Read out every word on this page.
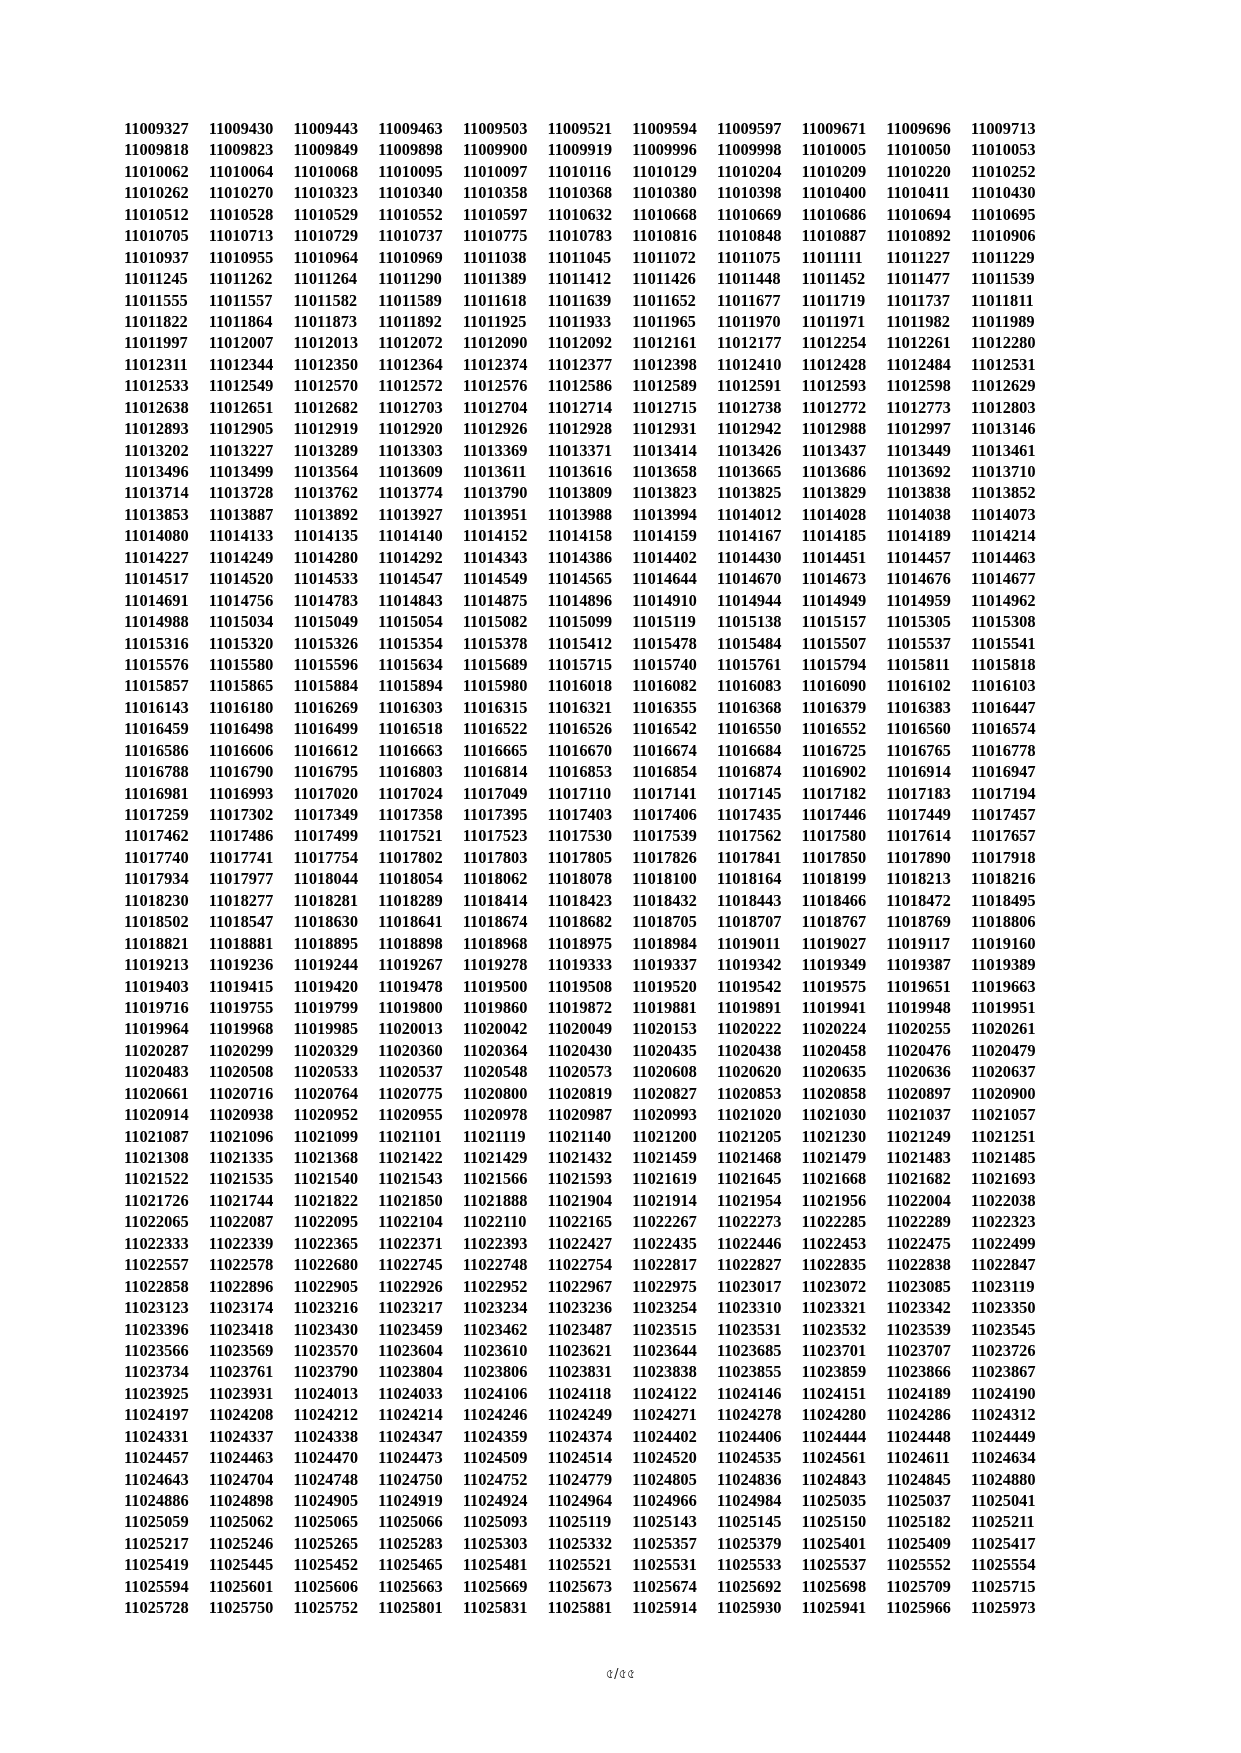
11009327	11009430	11009443	11009463	11009503	11009521	11009594	11009597	11009671	11009696	11009713
11009818	11009823	11009849	11009898	11009900	11009919	11009996	11009998	11010005	11010050	11010053
11010062	11010064	11010068	11010095	11010097	11010116	11010129	11010204	11010209	11010220	11010252
11010262	11010270	11010323	11010340	11010358	11010368	11010380	11010398	11010400	11010411	11010430
11010512	11010528	11010529	11010552	11010597	11010632	11010668	11010669	11010686	11010694	11010695
11010705	11010713	11010729	11010737	11010775	11010783	11010816	11010848	11010887	11010892	11010906
11010937	11010955	11010964	11010969	11011038	11011045	11011072	11011075	11011111	11011227	11011229
11011245	11011262	11011264	11011290	11011389	11011412	11011426	11011448	11011452	11011477	11011539
11011555	11011557	11011582	11011589	11011618	11011639	11011652	11011677	11011719	11011737	11011811
11011822	11011864	11011873	11011892	11011925	11011933	11011965	11011970	11011971	11011982	11011989
11011997	11012007	11012013	11012072	11012090	11012092	11012161	11012177	11012254	11012261	11012280
11012311	11012344	11012350	11012364	11012374	11012377	11012398	11012410	11012428	11012484	11012531
11012533	11012549	11012570	11012572	11012576	11012586	11012589	11012591	11012593	11012598	11012629
11012638	11012651	11012682	11012703	11012704	11012714	11012715	11012738	11012772	11012773	11012803
11012893	11012905	11012919	11012920	11012926	11012928	11012931	11012942	11012988	11012997	11013146
11013202	11013227	11013289	11013303	11013369	11013371	11013414	11013426	11013437	11013449	11013461
11013496	11013499	11013564	11013609	11013611	11013616	11013658	11013665	11013686	11013692	11013710
11013714	11013728	11013762	11013774	11013790	11013809	11013823	11013825	11013829	11013838	11013852
11013853	11013887	11013892	11013927	11013951	11013988	11013994	11014012	11014028	11014038	11014073
11014080	11014133	11014135	11014140	11014152	11014158	11014159	11014167	11014185	11014189	11014214
11014227	11014249	11014280	11014292	11014343	11014386	11014402	11014430	11014451	11014457	11014463
11014517	11014520	11014533	11014547	11014549	11014565	11014644	11014670	11014673	11014676	11014677
11014691	11014756	11014783	11014843	11014875	11014896	11014910	11014944	11014949	11014959	11014962
11014988	11015034	11015049	11015054	11015082	11015099	11015119	11015138	11015157	11015305	11015308
11015316	11015320	11015326	11015354	11015378	11015412	11015478	11015484	11015507	11015537	11015541
11015576	11015580	11015596	11015634	11015689	11015715	11015740	11015761	11015794	11015811	11015818
11015857	11015865	11015884	11015894	11015980	11016018	11016082	11016083	11016090	11016102	11016103
11016143	11016180	11016269	11016303	11016315	11016321	11016355	11016368	11016379	11016383	11016447
11016459	11016498	11016499	11016518	11016522	11016526	11016542	11016550	11016552	11016560	11016574
11016586	11016606	11016612	11016663	11016665	11016670	11016674	11016684	11016725	11016765	11016778
11016788	11016790	11016795	11016803	11016814	11016853	11016854	11016874	11016902	11016914	11016947
11016981	11016993	11017020	11017024	11017049	11017110	11017141	11017145	11017182	11017183	11017194
11017259	11017302	11017349	11017358	11017395	11017403	11017406	11017435	11017446	11017449	11017457
11017462	11017486	11017499	11017521	11017523	11017530	11017539	11017562	11017580	11017614	11017657
11017740	11017741	11017754	11017802	11017803	11017805	11017826	11017841	11017850	11017890	11017918
11017934	11017977	11018044	11018054	11018062	11018078	11018100	11018164	11018199	11018213	11018216
11018230	11018277	11018281	11018289	11018414	11018423	11018432	11018443	11018466	11018472	11018495
11018502	11018547	11018630	11018641	11018674	11018682	11018705	11018707	11018767	11018769	11018806
11018821	11018881	11018895	11018898	11018968	11018975	11018984	11019011	11019027	11019117	11019160
11019213	11019236	11019244	11019267	11019278	11019333	11019337	11019342	11019349	11019387	11019389
11019403	11019415	11019420	11019478	11019500	11019508	11019520	11019542	11019575	11019651	11019663
11019716	11019755	11019799	11019800	11019860	11019872	11019881	11019891	11019941	11019948	11019951
11019964	11019968	11019985	11020013	11020042	11020049	11020153	11020222	11020224	11020255	11020261
11020287	11020299	11020329	11020360	11020364	11020430	11020435	11020438	11020458	11020476	11020479
11020483	11020508	11020533	11020537	11020548	11020573	11020608	11020620	11020635	11020636	11020637
11020661	11020716	11020764	11020775	11020800	11020819	11020827	11020853	11020858	11020897	11020900
11020914	11020938	11020952	11020955	11020978	11020987	11020993	11021020	11021030	11021037	11021057
11021087	11021096	11021099	11021101	11021119	11021140	11021200	11021205	11021230	11021249	11021251
11021308	11021335	11021368	11021422	11021429	11021432	11021459	11021468	11021479	11021483	11021485
11021522	11021535	11021540	11021543	11021566	11021593	11021619	11021645	11021668	11021682	11021693
11021726	11021744	11021822	11021850	11021888	11021904	11021914	11021954	11021956	11022004	11022038
11022065	11022087	11022095	11022104	11022110	11022165	11022267	11022273	11022285	11022289	11022323
11022333	11022339	11022365	11022371	11022393	11022427	11022435	11022446	11022453	11022475	11022499
11022557	11022578	11022680	11022745	11022748	11022754	11022817	11022827	11022835	11022838	11022847
11022858	11022896	11022905	11022926	11022952	11022967	11022975	11023017	11023072	11023085	11023119
11023123	11023174	11023216	11023217	11023234	11023236	11023254	11023310	11023321	11023342	11023350
11023396	11023418	11023430	11023459	11023462	11023487	11023515	11023531	11023532	11023539	11023545
11023566	11023569	11023570	11023604	11023610	11023621	11023644	11023685	11023701	11023707	11023726
11023734	11023761	11023790	11023804	11023806	11023831	11023838	11023855	11023859	11023866	11023867
11023925	11023931	11024013	11024033	11024106	11024118	11024122	11024146	11024151	11024189	11024190
11024197	11024208	11024212	11024214	11024246	11024249	11024271	11024278	11024280	11024286	11024312
11024331	11024337	11024338	11024347	11024359	11024374	11024402	11024406	11024444	11024448	11024449
11024457	11024463	11024470	11024473	11024509	11024514	11024520	11024535	11024561	11024611	11024634
11024643	11024704	11024748	11024750	11024752	11024779	11024805	11024836	11024843	11024845	11024880
11024886	11024898	11024905	11024919	11024924	11024964	11024966	11024984	11025035	11025037	11025041
11025059	11025062	11025065	11025066	11025093	11025119	11025143	11025145	11025150	11025182	11025211
11025217	11025246	11025265	11025283	11025303	11025332	11025357	11025379	11025401	11025409	11025417
11025419	11025445	11025452	11025465	11025481	11025521	11025531	11025533	11025537	11025552	11025554
11025594	11025601	11025606	11025663	11025669	11025673	11025674	11025692	11025698	11025709	11025715
11025728	11025750	11025752	11025801	11025831	11025881	11025914	11025930	11025941	11025966	11025973
৫/৫৫
